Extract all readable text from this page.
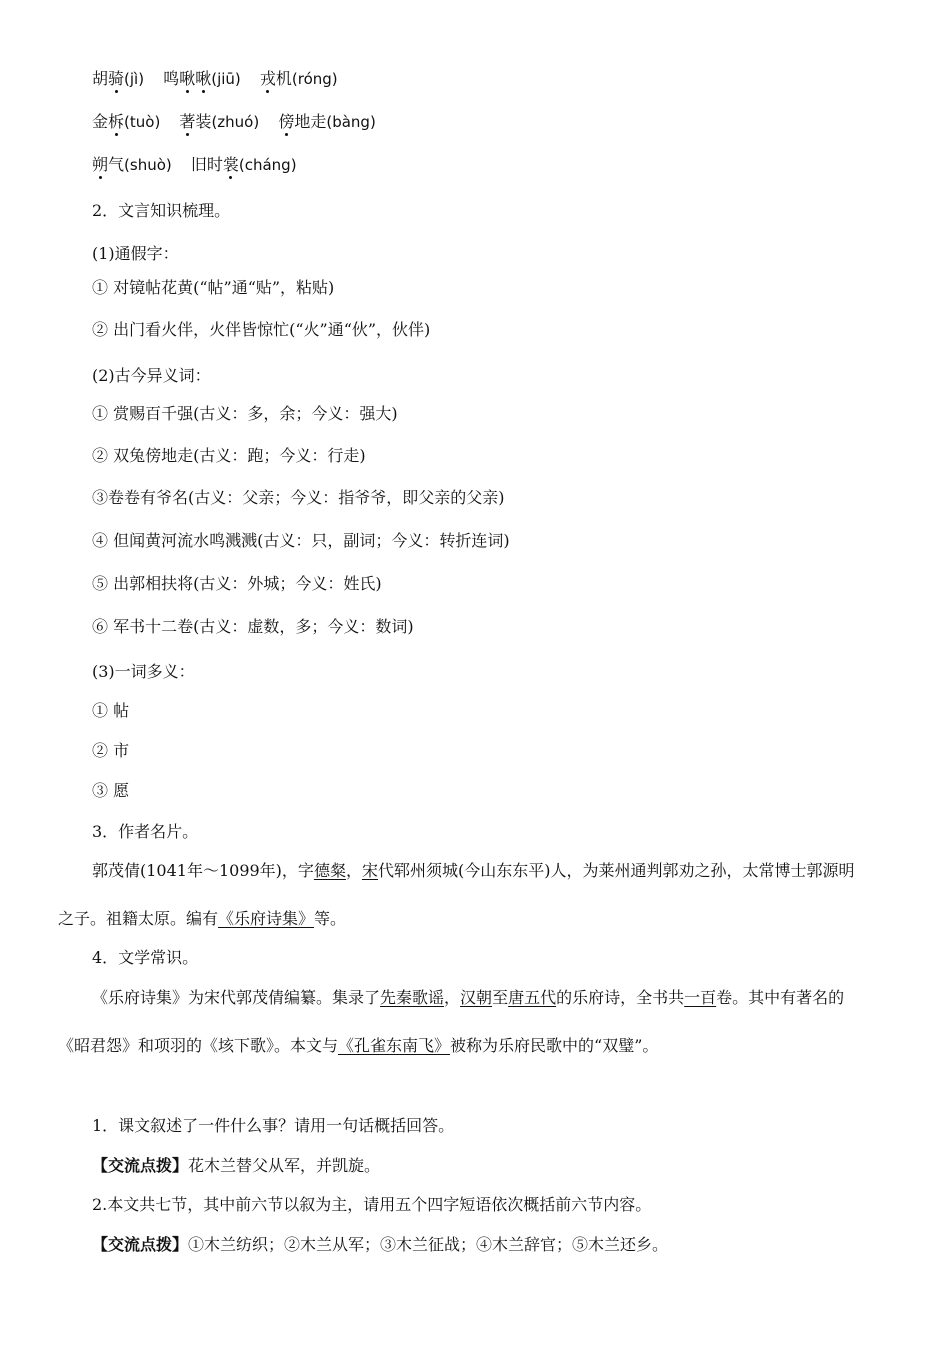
胡骑(jì) 鸣啾啾(jiū) 戎机(róng)
金柝(tuò) 著装(zhuó) 傍地走(bàng)
朔气(shuò) 旧时裳(cháng)
2．文言知识梳理。
(1)通假字：
① 对镜帖花黄(“帖”通“贴”，粘贴)
② 出门看火伴，火伴皆惊忙(“火”通“伙”，伙伴)
(2)古今异义词：
① 赏赐百千强(古义：多，余；今义：强大)
② 双兔傍地走(古义：跑；今义：行走)
③卷卷有爷名(古义：父亲；今义：指爷爷，即父亲的父亲)
④ 但闻黄河流水鸣溅溅(古义：只，副词；今义：转折连词)
⑤ 出郭相扶将(古义：外城；今义：姓氏)
⑥ 军书十二卷(古义：虚数，多；今义：数词)
(3)一词多义：
① 帖
② 市
③ 愿
3．作者名片。
郭茂倩(1041年～1099年)，字德粲，宋代郓州须城(今山东东平)人，为莱州通判郭劝之孙，太常博士郭源明
之子。祖籍太原。编有《乐府诗集》等。
4．文学常识。
《乐府诗集》为宋代郭茂倩编纂。集录了先秦歌谣，汉朝至唐五代的乐府诗，全书共一百卷。其中有著名的
《昭君怨》和项羽的《垓下歌》。本文与《孔雀东南飞》被称为乐府民歌中的“双璧”。
1．课文叙述了一件什么事？请用一句话概括回答。
【交流点拨】花木兰替父从军，并凯旋。
2.本文共七节，其中前六节以叙为主，请用五个四字短语依次概括前六节内容。
【交流点拨】①木兰纺织；②木兰从军；③木兰征战；④木兰辞官；⑤木兰还乡。
